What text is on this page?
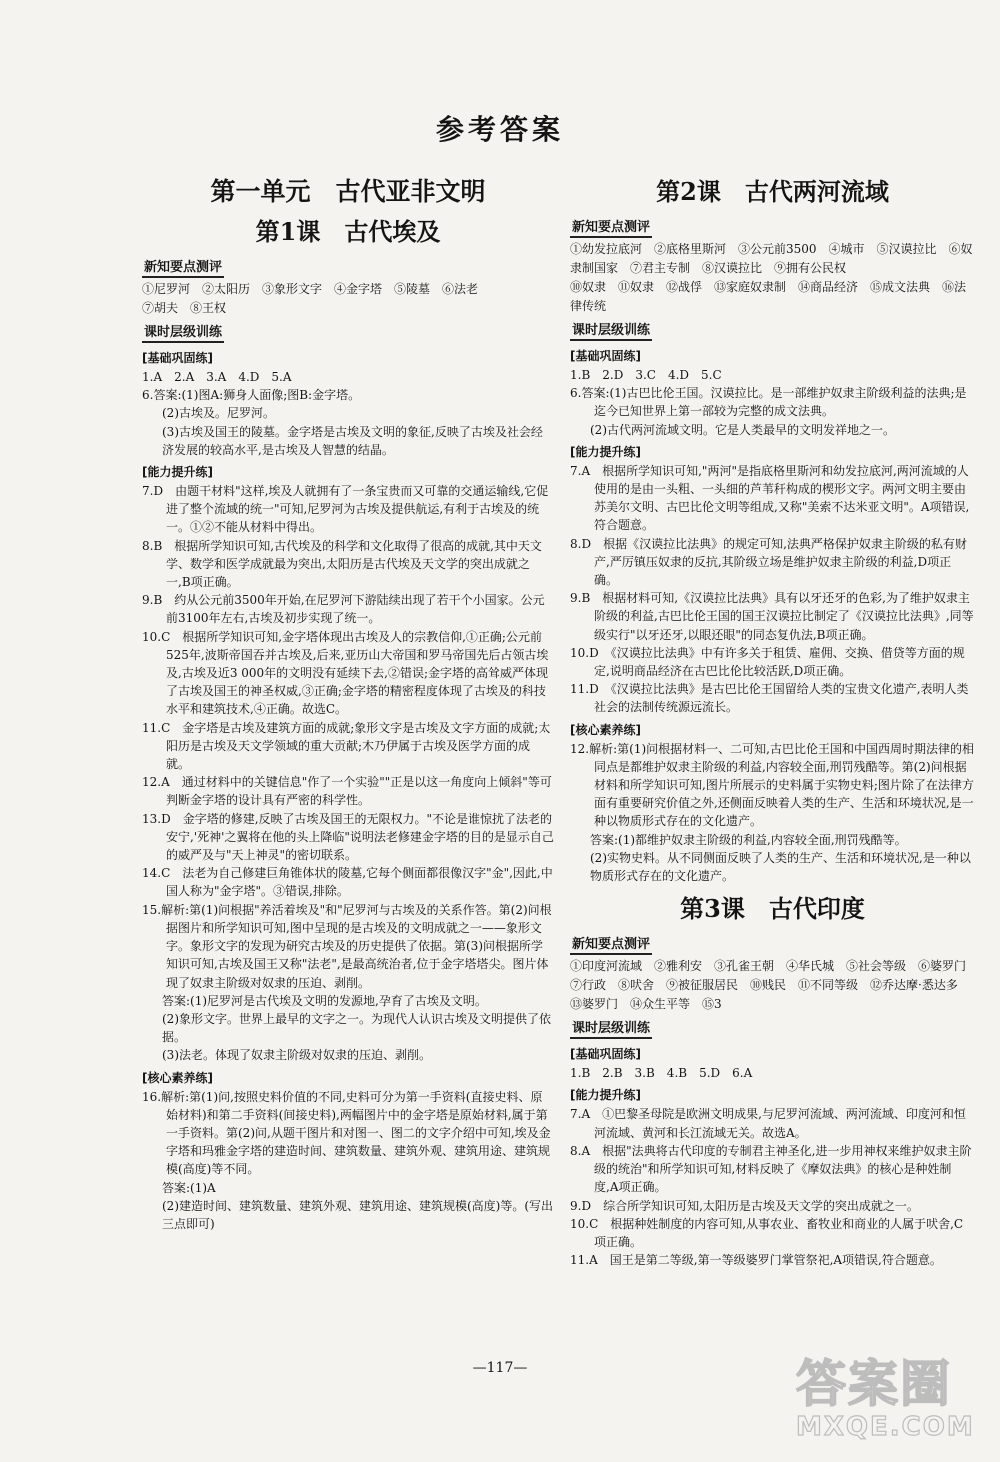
参考答案
第一单元　古代亚非文明
第1课　古代埃及
新知要点测评
①尼罗河　②太阳历　③象形文字　④金字塔　⑤陵墓　⑥法老
⑦胡夫　⑧王权
课时层级训练
[基础巩固练]

1.A　2.A　3.A　4.D　5.A

6.答案:(1)图A:狮身人面像;图B:金字塔。

(2)古埃及。尼罗河。

(3)古埃及国王的陵墓。金字塔是古埃及文明的象征,反映了古埃及社会经济发展的较高水平,是古埃及人智慧的结晶。

[能力提升练]

7.D　由题干材料"这样,埃及人就拥有了一条宝贵而又可靠的交通运输线,它促进了整个流域的统一"可知,尼罗河为古埃及提供航运,有利于古埃及的统一。①②不能从材料中得出。

8.B　根据所学知识可知,古代埃及的科学和文化取得了很高的成就,其中天文学、数学和医学成就最为突出,太阳历是古代埃及天文学的突出成就之一,B项正确。

9.B　约从公元前3500年开始,在尼罗河下游陆续出现了若干个小国家。公元前3100年左右,古埃及初步实现了统一。

10.C　根据所学知识可知,金字塔体现出古埃及人的宗教信仰,①正确;公元前525年,波斯帝国吞并古埃及,后来,亚历山大帝国和罗马帝国先后占领古埃及,古埃及近3 000年的文明没有延续下去,②错误;金字塔的高耸威严体现了古埃及国王的神圣权威,③正确;金字塔的精密程度体现了古埃及的科技水平和建筑技术,④正确。故选C。

11.C　金字塔是古埃及建筑方面的成就;象形文字是古埃及文字方面的成就;太阳历是古埃及天文学领域的重大贡献;木乃伊属于古埃及医学方面的成就。

12.A　通过材料中的关键信息"作了一个实验""正是以这一角度向上倾斜"等可判断金字塔的设计具有严密的科学性。

13.D　金字塔的修建,反映了古埃及国王的无限权力。"不论是谁惊扰了法老的安宁,'死神'之翼将在他的头上降临"说明法老修建金字塔的目的是显示自己的威严及与"天上神灵"的密切联系。

14.C　法老为自己修建巨角锥体状的陵墓,它每个侧面都很像汉字"金",因此,中国人称为"金字塔"。③错误,排除。

15.解析:第(1)问根据"养活着埃及"和"尼罗河与古埃及的关系作答。第(2)问根据图片和所学知识可知,图中呈现的是古埃及的文明成就之一——象形文字。象形文字的发现为研究古埃及的历史提供了依据。第(3)问根据所学知识可知,古埃及国王又称"法老",是最高统治者,位于金字塔塔尖。图片体现了奴隶主阶级对奴隶的压迫、剥削。

答案:(1)尼罗河是古代埃及文明的发源地,孕育了古埃及文明。

(2)象形文字。世界上最早的文字之一。为现代人认识古埃及文明提供了依据。

(3)法老。体现了奴隶主阶级对奴隶的压迫、剥削。

[核心素养练]

16.解析:第(1)问,按照史料价值的不同,史料可分为第一手资料(直接史料、原始材料)和第二手资料(间接史料),两幅图片中的金字塔是原始材料,属于第一手资料。第(2)问,从题干图片和对图一、图二的文字介绍中可知,埃及金字塔和玛雅金字塔的建造时间、建筑数量、建筑外观、建筑用途、建筑规模(高度)等不同。

答案:(1)A

(2)建造时间、建筑数量、建筑外观、建筑用途、建筑规模(高度)等。(写出三点即可)

第2课　古代两河流域
新知要点测评
①幼发拉底河　②底格里斯河　③公元前3500　④城市　⑤汉谟拉比　⑥奴隶制国家　⑦君主专制　⑧汉谟拉比　⑨拥有公民权
⑩奴隶　⑪奴隶　⑫战俘　⑬家庭奴隶制　⑭商品经济　⑮成文法典　⑯法律传统
课时层级训练
[基础巩固练]

1.B　2.D　3.C　4.D　5.C

6.答案:(1)古巴比伦王国。汉谟拉比。是一部维护奴隶主阶级利益的法典;是迄今已知世界上第一部较为完整的成文法典。

(2)古代两河流域文明。它是人类最早的文明发祥地之一。

[能力提升练]

7.A　根据所学知识可知,"两河"是指底格里斯河和幼发拉底河,两河流域的人使用的是由一头粗、一头细的芦苇秆构成的楔形文字。两河文明主要由苏美尔文明、古巴比伦文明等组成,又称"美索不达米亚文明"。A项错误,符合题意。

8.D　根据《汉谟拉比法典》的规定可知,法典严格保护奴隶主阶级的私有财产,严厉镇压奴隶的反抗,其阶级立场是维护奴隶主阶级的利益,D项正确。

9.B　根据材料可知,《汉谟拉比法典》具有以牙还牙的色彩,为了维护奴隶主阶级的利益,古巴比伦王国的国王汉谟拉比制定了《汉谟拉比法典》,同等级实行"以牙还牙,以眼还眼"的同态复仇法,B项正确。

10.D　《汉谟拉比法典》中有许多关于租赁、雇佣、交换、借贷等方面的规定,说明商品经济在古巴比伦比较活跃,D项正确。

11.D　《汉谟拉比法典》是古巴比伦王国留给人类的宝贵文化遗产,表明人类社会的法制传统源远流长。

[核心素养练]

12.解析:第(1)问根据材料一、二可知,古巴比伦王国和中国西周时期法律的相同点是都维护奴隶主阶级的利益,内容较全面,刑罚残酷等。第(2)问根据材料和所学知识可知,图片所展示的史料属于实物史料;图片除了在法律方面有重要研究价值之外,还侧面反映着人类的生产、生活和环境状况,是一种以物质形式存在的文化遗产。

答案:(1)都维护奴隶主阶级的利益,内容较全面,刑罚残酷等。

(2)实物史料。从不同侧面反映了人类的生产、生活和环境状况,是一种以物质形式存在的文化遗产。

第3课　古代印度
新知要点测评
①印度河流域　②雅利安　③孔雀王朝　④华氏城　⑤社会等级　⑥婆罗门　⑦行政　⑧吠舍　⑨被征服居民　⑩贱民　⑪不同等级　⑫乔达摩·悉达多　⑬婆罗门　⑭众生平等　⑮3
课时层级训练
[基础巩固练]

1.B　2.B　3.B　4.B　5.D　6.A

[能力提升练]

7.A　①巴黎圣母院是欧洲文明成果,与尼罗河流域、两河流域、印度河和恒河流域、黄河和长江流域无关。故选A。

8.A　根据"法典将古代印度的专制君主神圣化,进一步用神权来维护奴隶主阶级的统治"和所学知识可知,材料反映了《摩奴法典》的核心是种姓制度,A项正确。

9.D　综合所学知识可知,太阳历是古埃及天文学的突出成就之一。

10.C　根据种姓制度的内容可知,从事农业、畜牧业和商业的人属于吠舍,C项正确。

11.A　国王是第二等级,第一等级婆罗门掌管祭祀,A项错误,符合题意。

—117—	答案圈
MXQE.COM
